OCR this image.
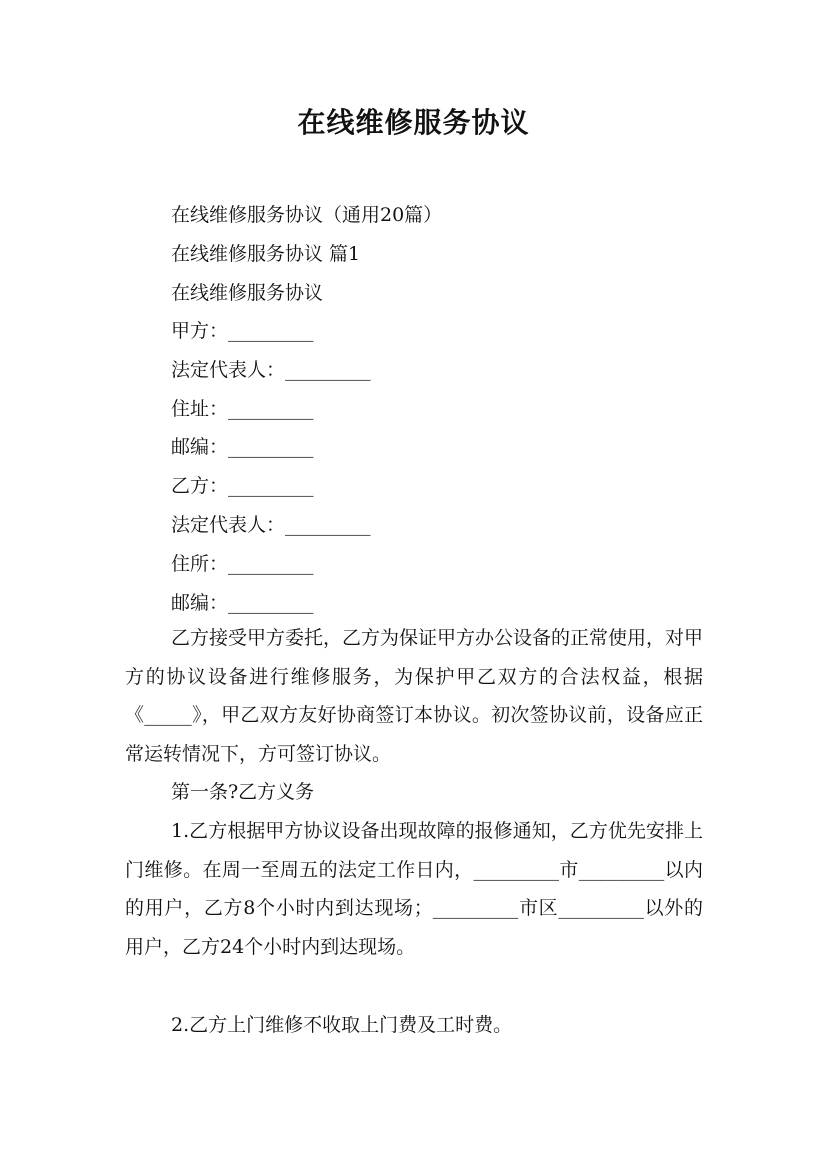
在线维修服务协议
在线维修服务协议（通用20篇）
在线维修服务协议 篇1
在线维修服务协议
甲方：_________
法定代表人：_________
住址：_________
邮编：_________
乙方：_________
法定代表人：_________
住所：_________
邮编：_________
乙方接受甲方委托，乙方为保证甲方办公设备的正常使用，对甲方的协议设备进行维修服务，为保护甲乙双方的合法权益，根据《_____》，甲乙双方友好协商签订本协议。初次签协议前，设备应正常运转情况下，方可签订协议。
第一条?乙方义务
1.乙方根据甲方协议设备出现故障的报修通知，乙方优先安排上门维修。在周一至周五的法定工作日内，_________市_________以内的用户，乙方8个小时内到达现场；_________市区_________以外的用户，乙方24个小时内到达现场。
2.乙方上门维修不收取上门费及工时费。
